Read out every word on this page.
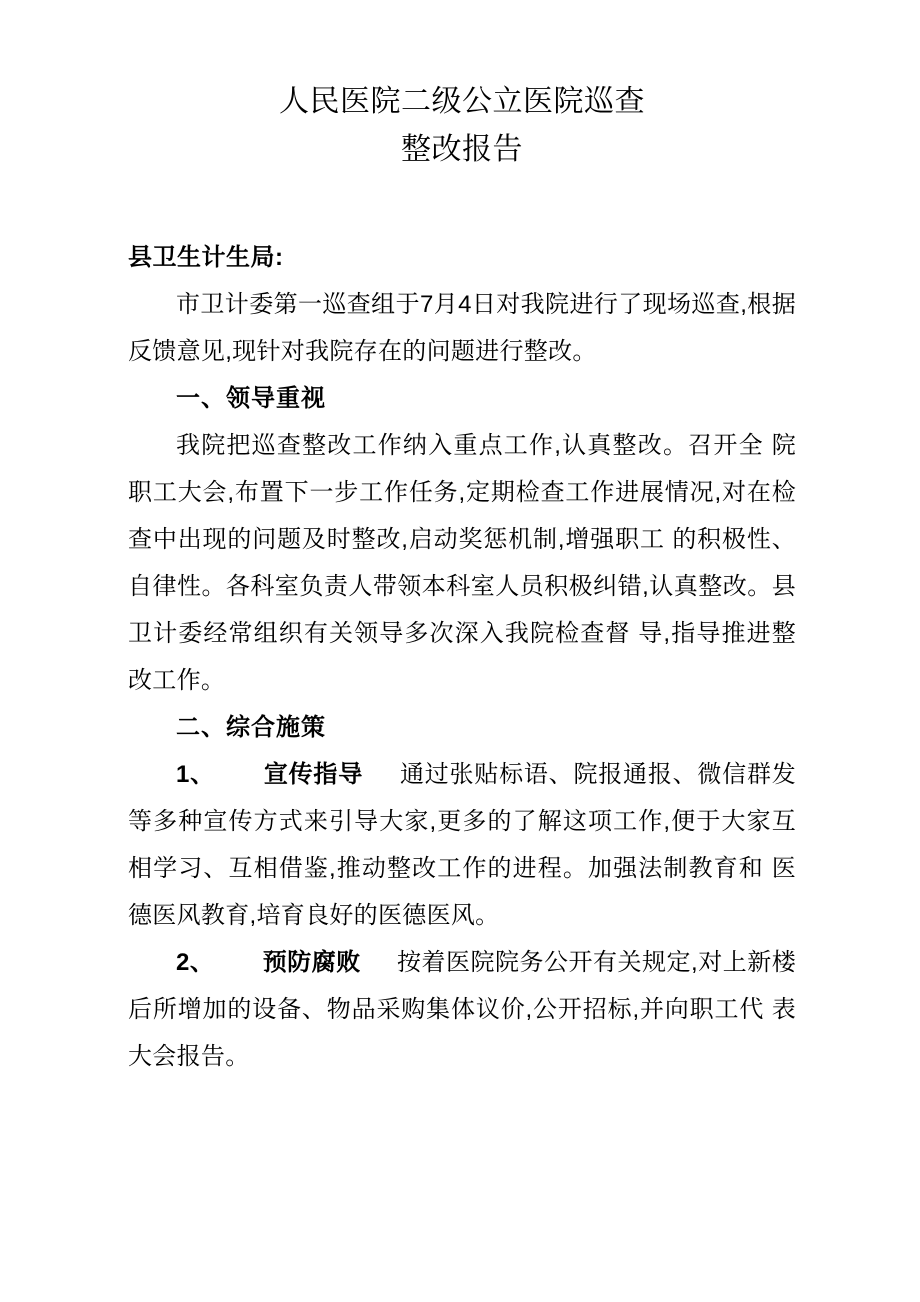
人民医院二级公立医院巡查
整改报告
县卫生计生局:

市卫计委第一巡查组于7月4日对我院进行了现场巡查,根据反馈意见,现针对我院存在的问题进行整改。

一、领导重视

我院把巡查整改工作纳入重点工作,认真整改。召开全 院职工大会,布置下一步工作任务,定期检查工作进展情况,对在检查中出现的问题及时整改,启动奖惩机制,增强职工 的积极性、自律性。各科室负责人带领本科室人员积极纠错,认真整改。县卫计委经常组织有关领导多次深入我院检查督 导,指导推进整改工作。

二、综合施策

1、 宣传指导 通过张贴标语、院报通报、微信群发等多种宣传方式来引导大家,更多的了解这项工作,便于大家互 相学习、互相借鉴,推动整改工作的进程。加强法制教育和 医德医风教育,培育良好的医德医风。

2、 预防腐败 按着医院院务公开有关规定,对上新楼后所增加的设备、物品采购集体议价,公开招标,并向职工代 表大会报告。
